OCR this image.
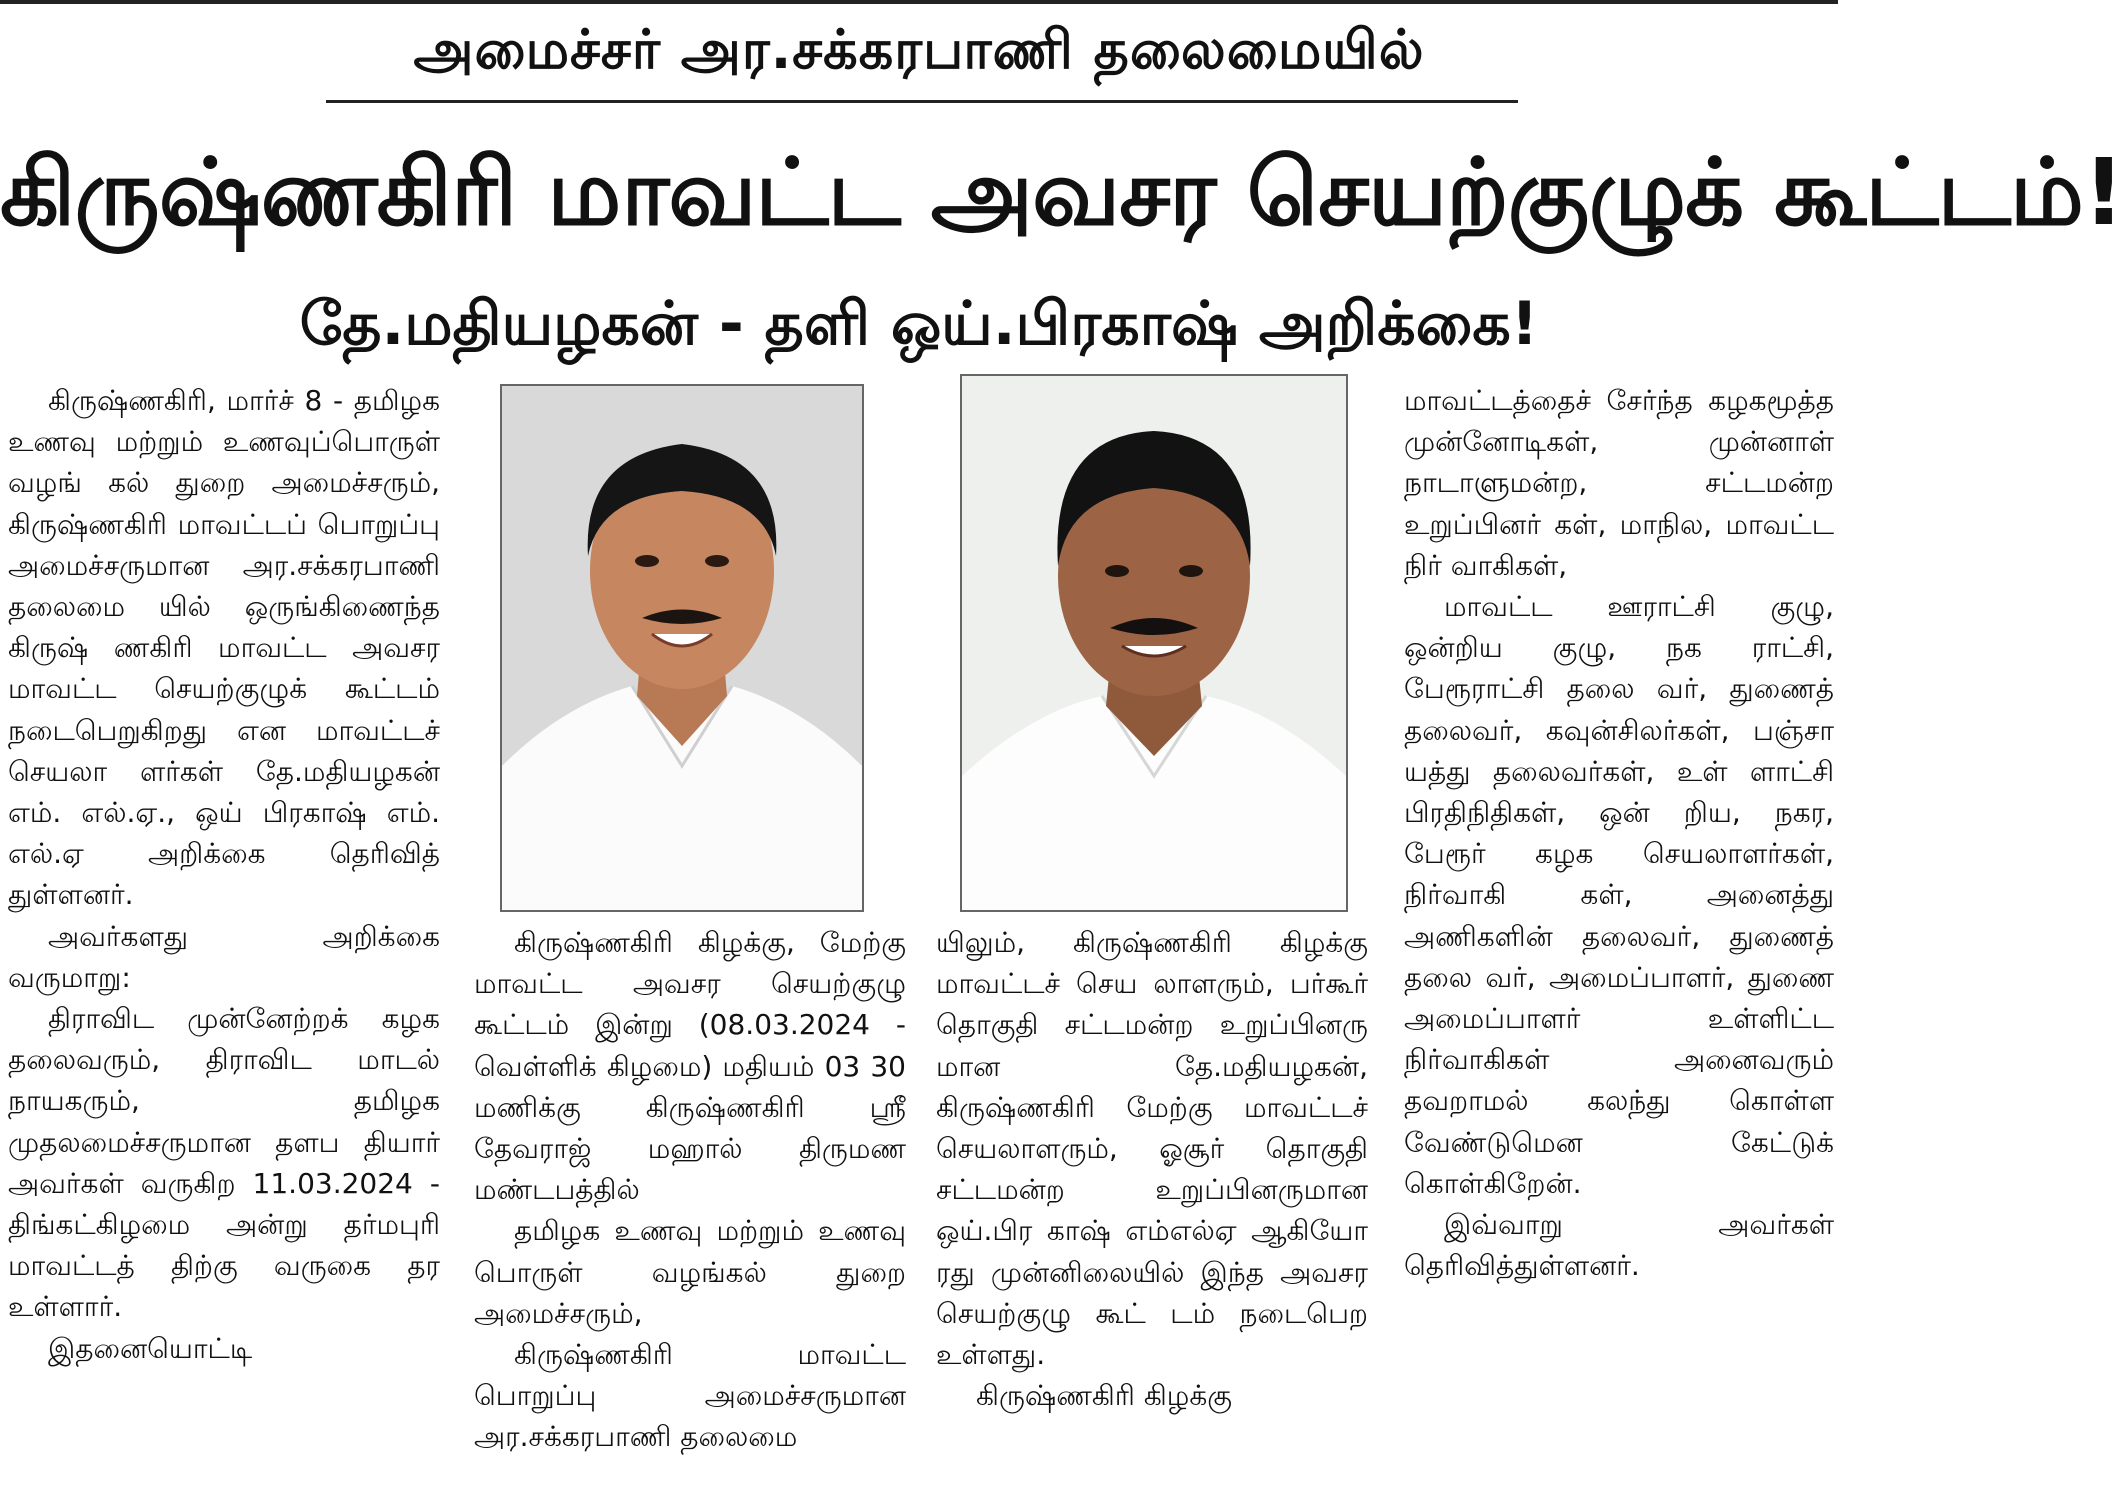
அமைச்சர் அர.சக்கரபாணி தலைமையில்
கிருஷ்ணகிரி மாவட்ட அவசர செயற்குழுக் கூட்டம்!
தே.மதியழகன் - தளி ஒய்.பிரகாஷ் அறிக்கை!

கிருஷ்ணகிரி, மார்ச் 8 - தமிழக உணவு மற்றும் உணவுப்பொருள் வழங் கல் துறை அமைச்சரும், கிருஷ்ணகிரி மாவட்டப் பொறுப்பு அமைச்சருமான அர.சக்கரபாணி தலைமை யில் ஒருங்கிணைந்த கிருஷ் ணகிரி மாவட்ட அவசர மாவட்ட செயற்குழுக் கூட்டம் நடைபெறுகிறது என மாவட்டச் செயலா ளர்கள் தே.மதியழகன் எம். எல்.ஏ., ஒய் பிரகாஷ் எம். எல்.ஏ அறிக்கை தெரிவித் துள்ளனர்.

அவர்களது அறிக்கை வருமாறு:

திராவிட முன்னேற்றக் கழக தலைவரும், திராவிட மாடல் நாயகரும், தமிழக முதலமைச்சருமான தளப தியார் அவர்கள் வருகிற 11.03.2024 - திங்கட்கிழமை அன்று தர்மபுரி மாவட்டத் திற்கு வருகை தர உள்ளார்.

இதனையொட்டி

கிருஷ்ணகிரி கிழக்கு, மேற்கு மாவட்ட அவசர செயற்குழு கூட்டம் இன்று (08.03.2024 - வெள்ளிக் கிழமை) மதியம் 03 30 மணிக்கு கிருஷ்ணகிரி ஸ்ரீ தேவராஜ் மஹால் திருமண மண்டபத்தில்

தமிழக உணவு மற்றும் உணவு பொருள் வழங்கல் துறை அமைச்சரும்,

கிருஷ்ணகிரி மாவட்ட பொறுப்பு அமைச்சருமான அர.சக்கரபாணி தலைமை

யிலும், கிருஷ்ணகிரி கிழக்கு மாவட்டச் செய லாளரும், பர்கூர் தொகுதி சட்டமன்ற உறுப்பினரு மான தே.மதியழகன், கிருஷ்ணகிரி மேற்கு மாவட்டச் செயலாளரும், ஓசூர் தொகுதி சட்டமன்ற உறுப்பினருமான ஒய்.பிர காஷ் எம்எல்ஏ ஆகியோ ரது முன்னிலையில் இந்த அவசர செயற்குழு கூட் டம் நடைபெற உள்ளது.

கிருஷ்ணகிரி கிழக்கு

மாவட்டத்தைச் சேர்ந்த கழகமூத்த முன்னோடிகள், முன்னாள் நாடாளுமன்ற, சட்டமன்ற உறுப்பினர் கள், மாநில, மாவட்ட நிர் வாகிகள்,

மாவட்ட ஊராட்சி குழு, ஒன்றிய குழு, நக ராட்சி, பேரூராட்சி தலை வர், துணைத் தலைவர், கவுன்சிலர்கள், பஞ்சா யத்து தலைவர்கள், உள் ளாட்சி பிரதிநிதிகள், ஒன் றிய, நகர, பேரூர் கழக செயலாளர்கள், நிர்வாகி கள், அனைத்து அணிகளின் தலைவர், துணைத் தலை வர், அமைப்பாளர், துணை அமைப்பாளர் உள்ளிட்ட நிர்வாகிகள் அனைவரும் தவறாமல் கலந்து கொள்ள வேண்டுமென கேட்டுக் கொள்கிறேன்.

இவ்வாறு அவர்கள் தெரிவித்துள்ளனர்.
